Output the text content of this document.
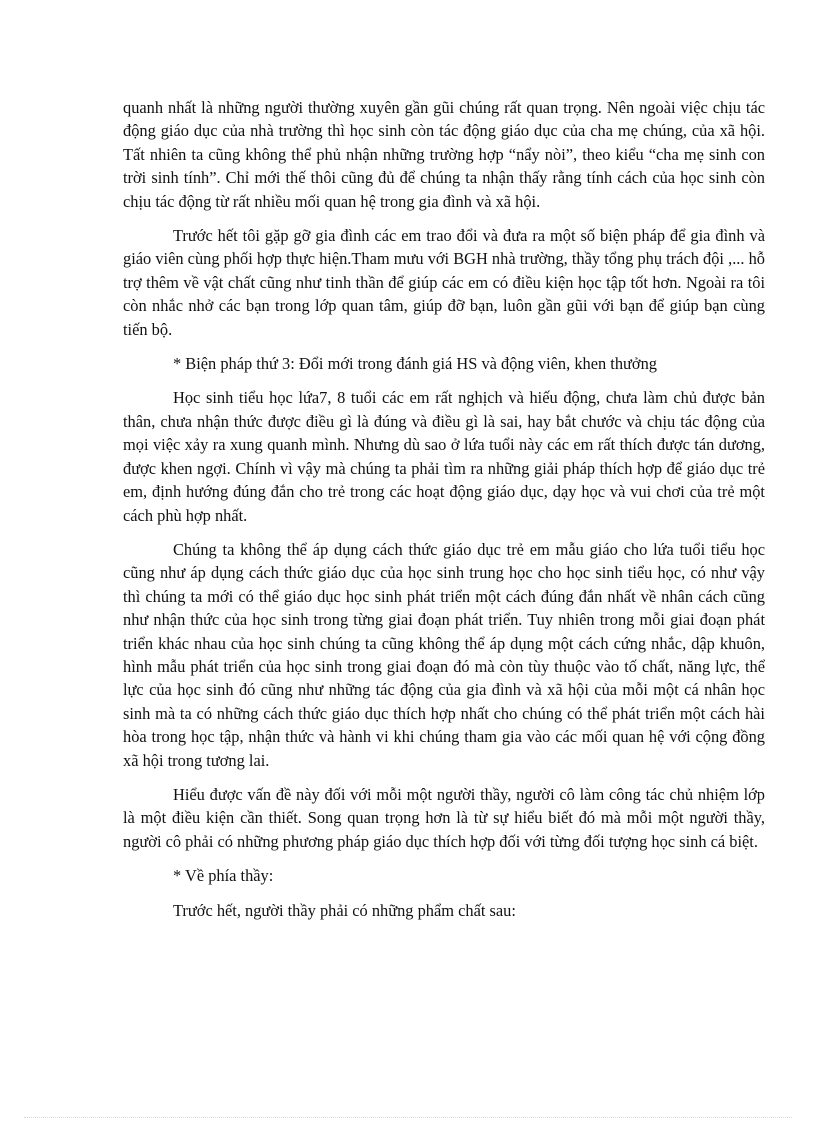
quanh nhất là những người thường xuyên gần gũi chúng rất quan trọng. Nên ngoài việc chịu tác động giáo dục của nhà trường thì học sinh còn tác động giáo dục của cha mẹ chúng, của xã hội. Tất nhiên ta cũng không thể phủ nhận những trường hợp “nẩy nòi”, theo kiểu “cha mẹ sinh con trời sinh tính”. Chỉ mới thế thôi cũng đủ để chúng ta nhận thấy rằng tính cách của học sinh còn chịu tác động từ rất nhiều mối quan hệ trong gia đình và xã hội.

Trước hết tôi gặp gỡ gia đình các em trao đổi và đưa ra một số biện pháp để gia đình và giáo viên cùng phối hợp thực hiện.Tham mưu với BGH nhà trường, thầy tổng phụ trách đội ,... hỗ trợ thêm về vật chất cũng như tinh thần để giúp các em có điều kiện học tập tốt hơn. Ngoài ra tôi còn nhắc nhở các bạn trong lớp quan tâm, giúp đỡ bạn, luôn gần gũi với bạn để giúp bạn cùng tiến bộ.

* Biện pháp thứ 3: Đổi mới trong đánh giá HS và động viên, khen thưởng

Học sinh tiểu học lứa7, 8 tuổi các em rất nghịch và hiếu động, chưa làm chủ được bản thân, chưa nhận thức được điều gì là đúng và điều gì là sai, hay bắt chước và chịu tác động của mọi việc xảy ra xung quanh mình. Nhưng dù sao ở lứa tuổi này các em rất thích được tán dương, được khen ngợi. Chính vì vậy mà chúng ta phải tìm ra những giải pháp thích hợp để giáo dục trẻ em, định hướng đúng đắn cho trẻ trong các hoạt động giáo dục, dạy học và vui chơi của trẻ một cách phù hợp nhất.

Chúng ta không thể áp dụng cách thức giáo dục trẻ em mẫu giáo cho lứa tuổi tiểu học cũng như áp dụng cách thức giáo dục của học sinh trung học cho học sinh tiểu học, có như vậy thì chúng ta mới có thể giáo dục học sinh phát triển một cách đúng đắn nhất về nhân cách cũng như nhận thức của học sinh trong từng giai đoạn phát triển. Tuy nhiên trong mỗi giai đoạn phát triển khác nhau của học sinh chúng ta cũng không thể áp dụng một cách cứng nhắc, dập khuôn, hình mẫu phát triển của học sinh trong giai đoạn đó mà còn tùy thuộc vào tố chất, năng lực, thể lực của học sinh đó cũng như những tác động của gia đình và xã hội của mỗi một cá nhân học sinh mà ta có những cách thức giáo dục thích hợp nhất cho chúng có thể phát triển một cách hài hòa trong học tập, nhận thức và hành vi khi chúng tham gia vào các mối quan hệ với cộng đồng xã hội trong tương lai.

Hiểu được vấn đề này đối với mỗi một người thầy, người cô làm công tác chủ nhiệm lớp là một điều kiện cần thiết. Song quan trọng hơn là từ sự hiểu biết đó mà mỗi một người thầy, người cô phải có những phương pháp giáo dục thích hợp đối với từng đối tượng học sinh cá biệt.

* Về phía thầy:

Trước hết, người thầy phải có những phẩm chất sau:
